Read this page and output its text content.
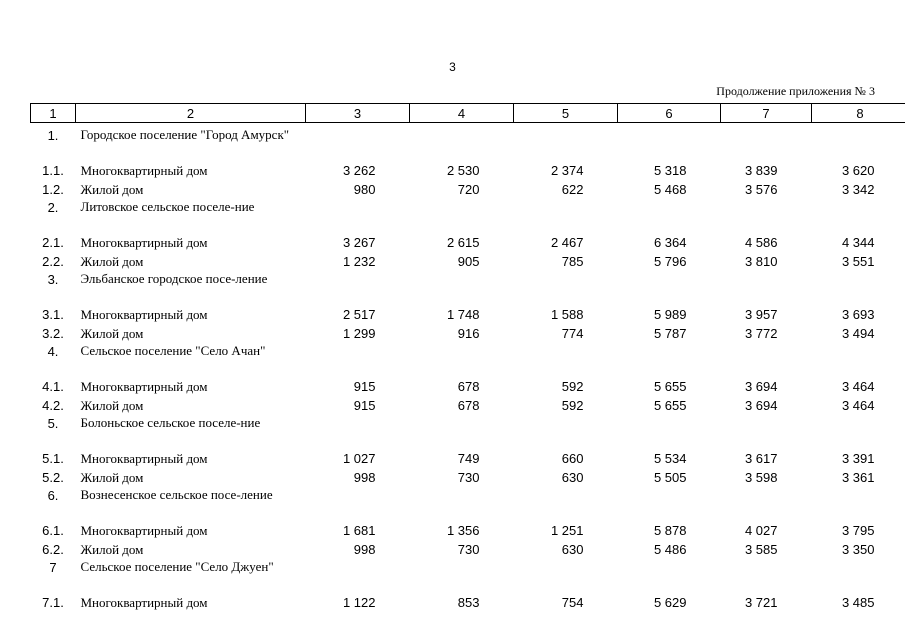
3
Продолжение приложения № 3
1	2	3	4	5	6	7	8

1.	Городское поселение "Город Амурск"						
1.1.	Многоквартирный дом	3 262	2 530	2 374	5 318	3 839	3 620
1.2.	Жилой дом	980	720	622	5 468	3 576	3 342
2.	Литовское сельское поселе-ние						
2.1.	Многоквартирный дом	3 267	2 615	2 467	6 364	4 586	4 344
2.2.	Жилой дом	1 232	905	785	5 796	3 810	3 551
3.	Эльбанское городское посе-ление						
3.1.	Многоквартирный дом	2 517	1 748	1 588	5 989	3 957	3 693
3.2.	Жилой дом	1 299	916	774	5 787	3 772	3 494
4.	Сельское поселение "Село Ачан"						
4.1.	Многоквартирный дом	915	678	592	5 655	3 694	3 464
4.2.	Жилой дом	915	678	592	5 655	3 694	3 464
5.	Болоньское сельское поселе-ние						
5.1.	Многоквартирный дом	1 027	749	660	5 534	3 617	3 391
5.2.	Жилой дом	998	730	630	5 505	3 598	3 361
6.	Вознесенское сельское посе-ление						
6.1.	Многоквартирный дом	1 681	1 356	1 251	5 878	4 027	3 795
6.2.	Жилой дом	998	730	630	5 486	3 585	3 350
7	Сельское поселение "Село Джуен"						
7.1.	Многоквартирный дом	1 122	853	754	5 629	3 721	3 485
